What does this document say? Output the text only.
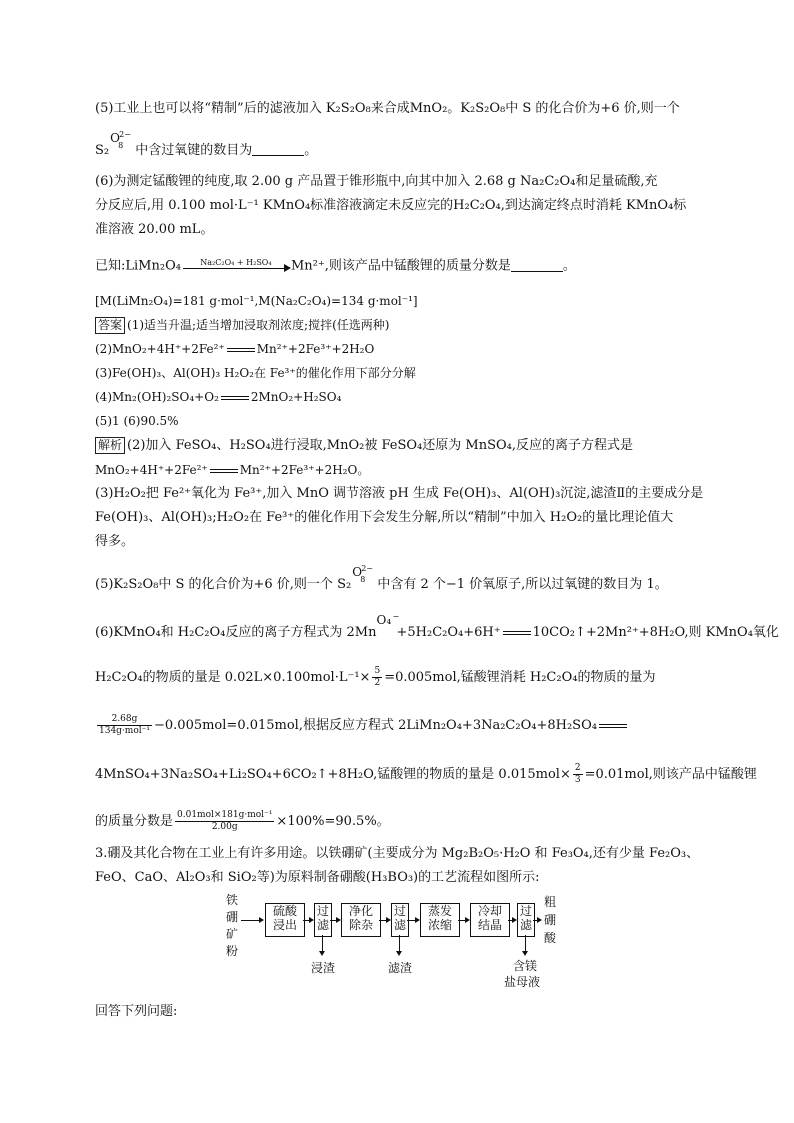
(5)工业上也可以将“精制”后的滤液加入 K₂S₂O₈来合成MnO₂。K₂S₂O₈中 S 的化合价为+6 价,则一个
S₂
O 2−
8 中含过氧键的数目为	。
(6)为测定锰酸锂的纯度,取 2.00 g 产品置于锥形瓶中,向其中加入 2.68 g Na₂C₂O₄和足量硫酸,充
分反应后,用 0.100 mol·L⁻¹ KMnO₄标准溶液滴定未反应完的H₂C₂O₄,到达滴定终点时消耗 KMnO₄标
准溶液 20.00 mL。
已知:LiMn₂O₄	Na₂C₂O₄ + H₂SO₄	Mn²⁺,则该产品中锰酸锂的质量分数是	。
[M(LiMn₂O₄)=181 g·mol⁻¹,M(Na₂C₂O₄)=134 g·mol⁻¹]
答案 (1)适当升温;适当增加浸取剂浓度;搅拌(任选两种)
(2)MnO₂+4H⁺+2Fe²⁺	Mn²⁺+2Fe³⁺+2H₂O
(3)Fe(OH)₃、Al(OH)₃ H₂O₂在 Fe³⁺的催化作用下部分分解
(4)Mn₂(OH)₂SO₄+O₂	2MnO₂+H₂SO₄
(5)1 (6)90.5%
解析 (2)加入 FeSO₄、H₂SO₄进行浸取,MnO₂被 FeSO₄还原为 MnSO₄,反应的离子方程式是
MnO₂+4H⁺+2Fe²⁺	Mn²⁺+2Fe³⁺+2H₂O。
(3)H₂O₂把 Fe²⁺氧化为 Fe³⁺,加入 MnO 调节溶液 pH 生成 Fe(OH)₃、Al(OH)₃沉淀,滤渣Ⅱ的主要成分是
Fe(OH)₃、Al(OH)₃;H₂O₂在 Fe³⁺的催化作用下会发生分解,所以“精制”中加入 H₂O₂的量比理论值大
得多。
(5)K₂S₂O₈中 S 的化合价为+6 价,则一个 S₂
O 2−
8 中含有 2 个−1 价氧原子,所以过氧键的数目为 1。
(6)KMnO₄和 H₂C₂O₄反应的离子方程式为 2Mn
O₄ −
+5H₂C₂O₄+6H⁺ 10CO₂↑+2Mn²⁺+8H₂O,则 KMnO₄氧化
H₂C₂O₄的物质的量是 $0.02L\times 0.100mol\cdot L^{-1}\times \frac{5}{2} =0.005mol$,锰酸锂消耗 H₂C₂O₄的物质的量为
$\frac{2.68g}{\text{134g·mol⁻¹}} -0.005mol=0.015mol$,根据反应方程式 2LiMn₂O₄+3Na₂C₂O₄+8H₂SO₄
4MnSO₄+3Na₂SO₄+Li₂SO₄+6CO₂↑+8H₂O,锰酸锂的物质的量是 $0.015mol\times \frac{2}{3} =0.01mol$,则该产品中锰酸锂
的质量分数是 $\frac{\text{0.01mol×181g·mol⁻¹}}{2.00g} \times 100\%=90.5\%$。
3.硼及其化合物在工业上有许多用途。以铁硼矿(主要成分为 Mg₂B₂O₅·H₂O 和 Fe₃O₄,还有少量 Fe₂O₃、
FeO、CaO、Al₂O₃和 SiO₂等)为原料制备硼酸(H₃BO₃)的工艺流程如图所示:
铁
硼
矿
粉
硫酸
浸出
过
滤
浸渣
净化
除杂
过
滤
滤渣
蒸发
浓缩
冷却
结晶
过
滤
含镁
盐母液
粗
硼
酸
回答下列问题:
